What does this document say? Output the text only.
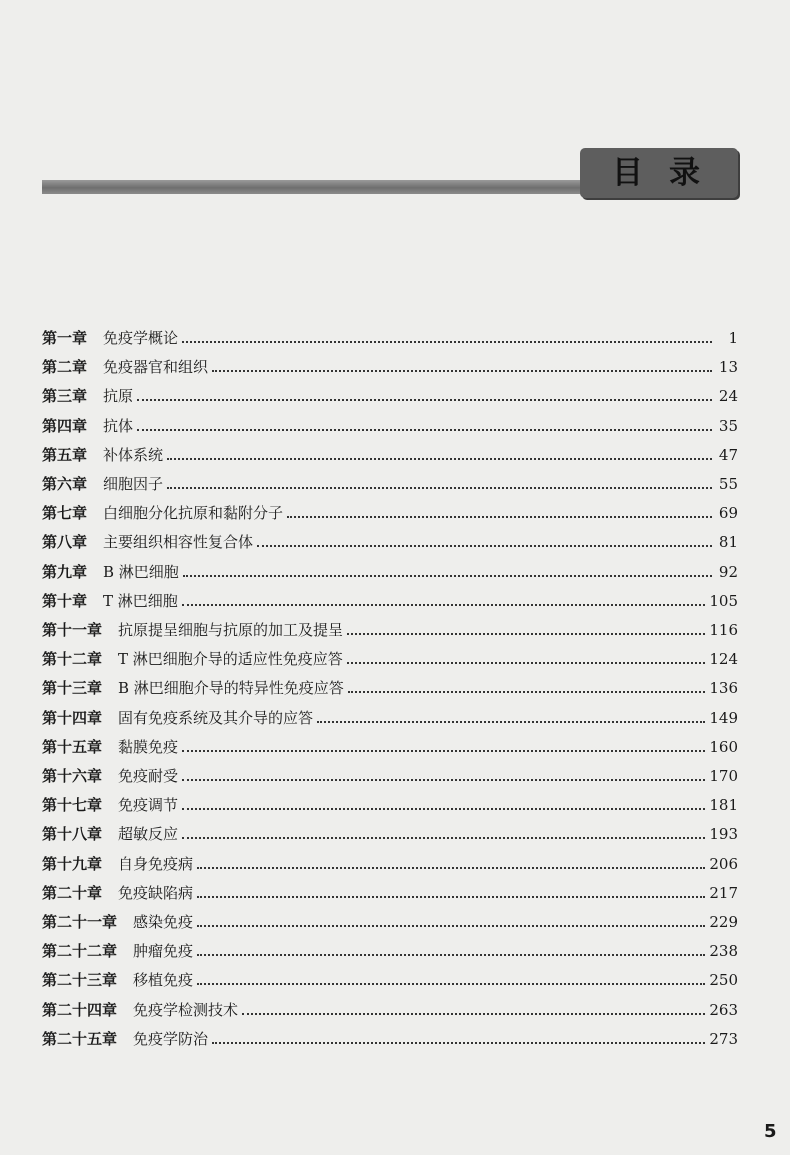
目录
第一章 免疫学概论	1
第二章 免疫器官和组织	13
第三章 抗原	24
第四章 抗体	35
第五章 补体系统	47
第六章 细胞因子	55
第七章 白细胞分化抗原和黏附分子	69
第八章 主要组织相容性复合体	81
第九章 B 淋巴细胞	92
第十章 T 淋巴细胞	105
第十一章 抗原提呈细胞与抗原的加工及提呈	116
第十二章 T 淋巴细胞介导的适应性免疫应答	124
第十三章 B 淋巴细胞介导的特异性免疫应答	136
第十四章 固有免疫系统及其介导的应答	149
第十五章 黏膜免疫	160
第十六章 免疫耐受	170
第十七章 免疫调节	181
第十八章 超敏反应	193
第十九章 自身免疫病	206
第二十章 免疫缺陷病	217
第二十一章 感染免疫	229
第二十二章 肿瘤免疫	238
第二十三章 移植免疫	250
第二十四章 免疫学检测技术	263
第二十五章 免疫学防治	273
5
